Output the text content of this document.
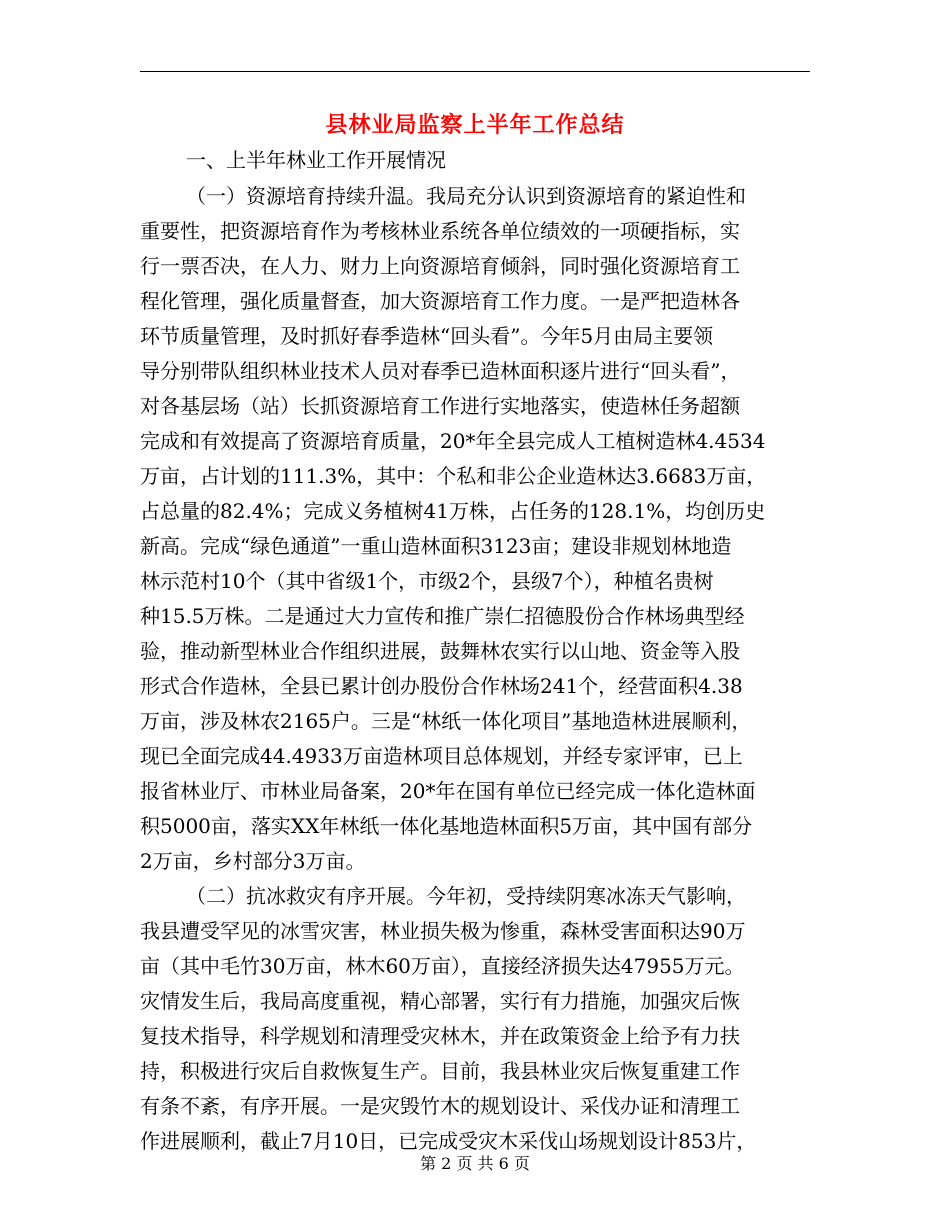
县林业局监察上半年工作总结
一、上半年林业工作开展情况
（一）资源培育持续升温。我局充分认识到资源培育的紧迫性和
重要性，把资源培育作为考核林业系统各单位绩效的一项硬指标，实
行一票否决，在人力、财力上向资源培育倾斜，同时强化资源培育工
程化管理，强化质量督查，加大资源培育工作力度。一是严把造林各
环节质量管理，及时抓好春季造林“回头看”。今年5月由局主要领
导分别带队组织林业技术人员对春季已造林面积逐片进行“回头看”，
对各基层场（站）长抓资源培育工作进行实地落实，使造林任务超额
完成和有效提高了资源培育质量，20*年全县完成人工植树造林4.4534
万亩，占计划的111.3%，其中：个私和非公企业造林达3.6683万亩，
占总量的82.4%；完成义务植树41万株，占任务的128.1%，均创历史
新高。完成“绿色通道”一重山造林面积3123亩；建设非规划林地造
林示范村10个（其中省级1个，市级2个，县级7个），种植名贵树
种15.5万株。二是通过大力宣传和推广崇仁招德股份合作林场典型经
验，推动新型林业合作组织进展，鼓舞林农实行以山地、资金等入股
形式合作造林，全县已累计创办股份合作林场241个，经营面积4.38
万亩，涉及林农2165户。三是“林纸一体化项目”基地造林进展顺利，
现已全面完成44.4933万亩造林项目总体规划，并经专家评审，已上
报省林业厅、市林业局备案，20*年在国有单位已经完成一体化造林面
积5000亩，落实XX年林纸一体化基地造林面积5万亩，其中国有部分
2万亩，乡村部分3万亩。
（二）抗冰救灾有序开展。今年初，受持续阴寒冰冻天气影响，
我县遭受罕见的冰雪灾害，林业损失极为惨重，森林受害面积达90万
亩（其中毛竹30万亩，林木60万亩），直接经济损失达47955万元。
灾情发生后，我局高度重视，精心部署，实行有力措施，加强灾后恢
复技术指导，科学规划和清理受灾林木，并在政策资金上给予有力扶
持，积极进行灾后自救恢复生产。目前，我县林业灾后恢复重建工作
有条不紊，有序开展。一是灾毁竹木的规划设计、采伐办证和清理工
作进展顺利，截止7月10日，已完成受灾木采伐山场规划设计853片，
第 2 页 共 6 页
